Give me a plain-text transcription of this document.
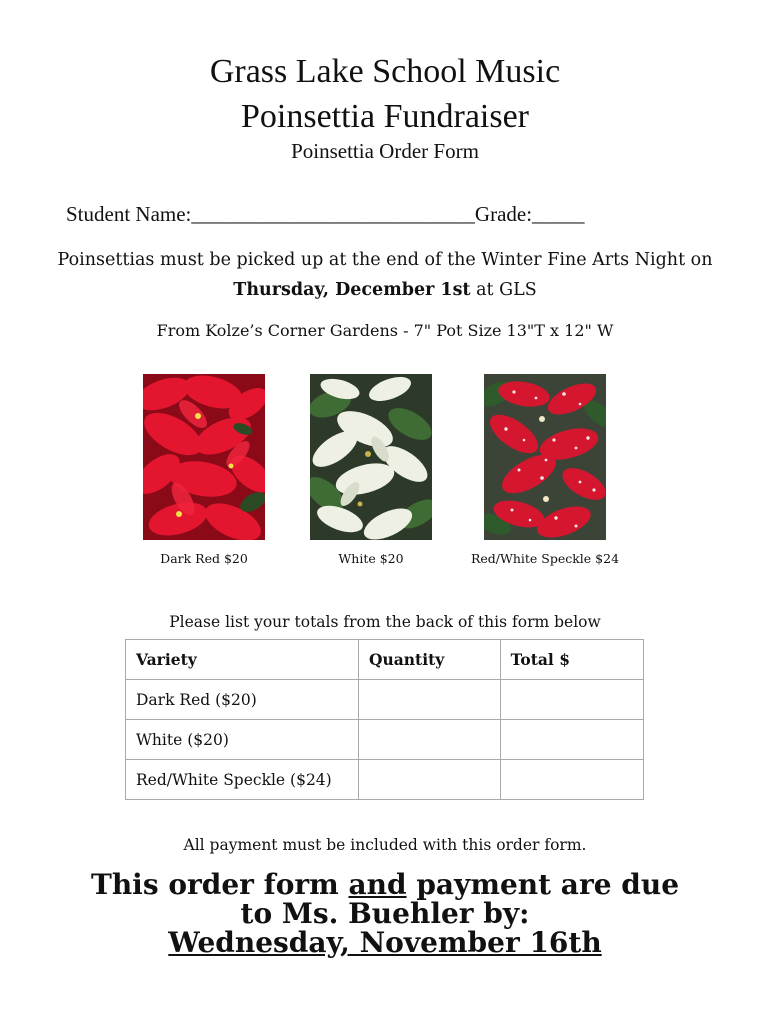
Grass Lake School Music
Poinsettia Fundraiser
Poinsettia Order Form
Student Name:___________________________Grade:_____
Poinsettias must be picked up at the end of the Winter Fine Arts Night on
Thursday, December 1st at GLS
From Kolze’s Corner Gardens - 7" Pot Size 13"T x 12" W
Dark Red $20	White $20	Red/White Speckle $24
Please list your totals from the back of this form below
Variety	Quantity	Total $
Dark Red ($20)		
White ($20)		
Red/White Speckle ($24)		
All payment must be included with this order form.
This order form and payment are due
to Ms. Buehler by:
Wednesday, November 16th
